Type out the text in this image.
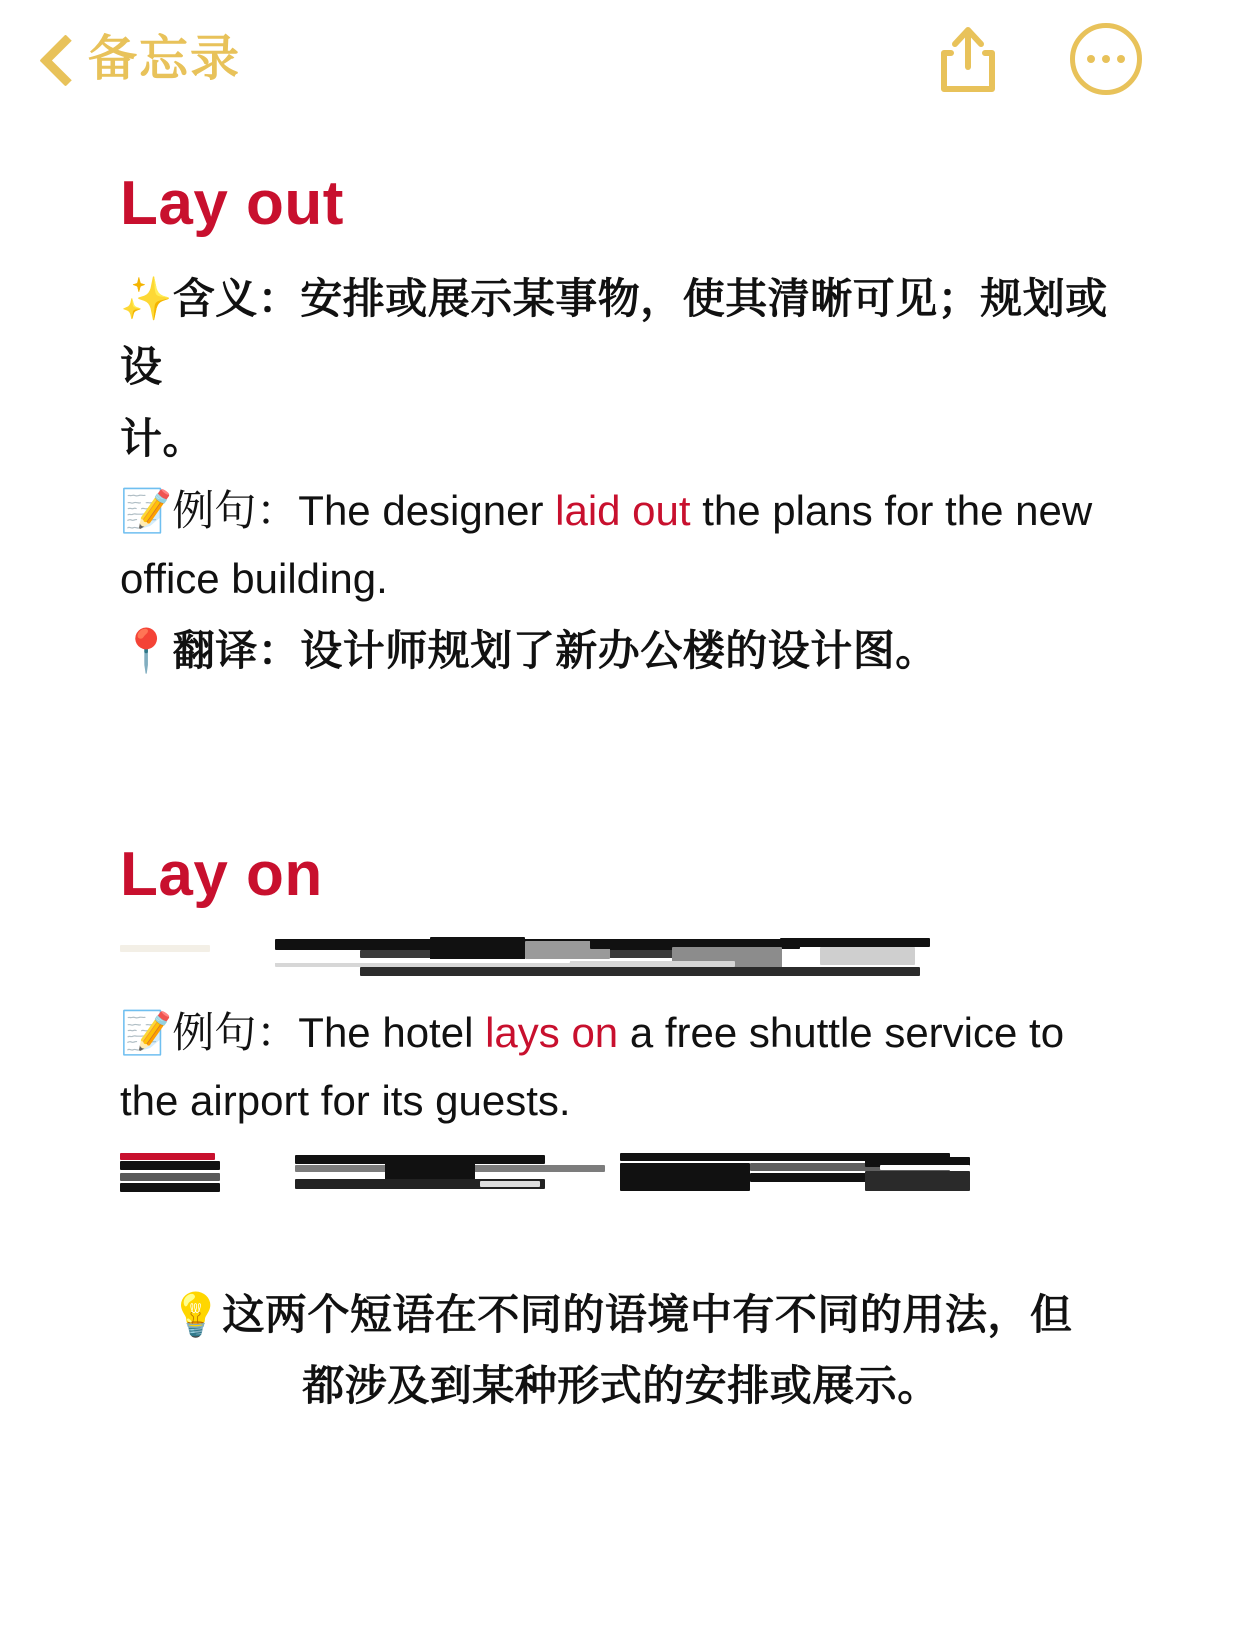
备忘录
Lay out
✨含义：安排或展示某事物，使其清晰可见；规划或设
计。
📝例句：The designer laid out the plans for the new office building.
📍翻译：设计师规划了新办公楼的设计图。
Lay on
📝例句：The hotel lays on a free shuttle service to the airport for its guests.
💡这两个短语在不同的语境中有不同的用法，但
都涉及到某种形式的安排或展示。
